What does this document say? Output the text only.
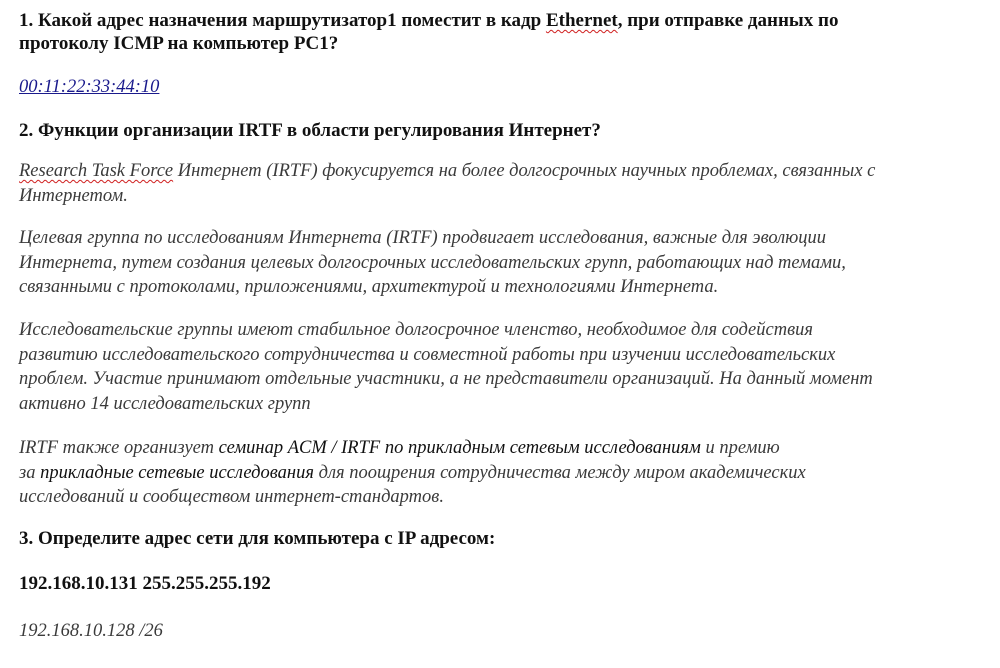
1. Какой адрес назначения маршрутизатор1 поместит в кадр Ethernet, при отправке данных по
протоколу ICMP на компьютер PC1?
00:11:22:33:44:10
2. Функции организации IRTF в области регулирования Интернет?
Research Task Force Интернет (IRTF) фокусируется на более долгосрочных научных проблемах, связанных с
Интернетом.
Целевая группа по исследованиям Интернета (IRTF) продвигает исследования, важные для эволюции
Интернета, путем создания целевых долгосрочных исследовательских групп, работающих над темами,
связанными с протоколами, приложениями, архитектурой и технологиями Интернета.
Исследовательские группы имеют стабильное долгосрочное членство, необходимое для содействия
развитию исследовательского сотрудничества и совместной работы при изучении исследовательских
проблем. Участие принимают отдельные участники, а не представители организаций. На данный момент
активно 14 исследовательских групп
IRTF также организует семинар ACM / IRTF по прикладным сетевым исследованиям и премию
за прикладные сетевые исследования для поощрения сотрудничества между миром академических
исследований и сообществом интернет-стандартов.
3. Определите адрес сети для компьютера с IP адресом:
192.168.10.131 255.255.255.192
192.168.10.128 /26
